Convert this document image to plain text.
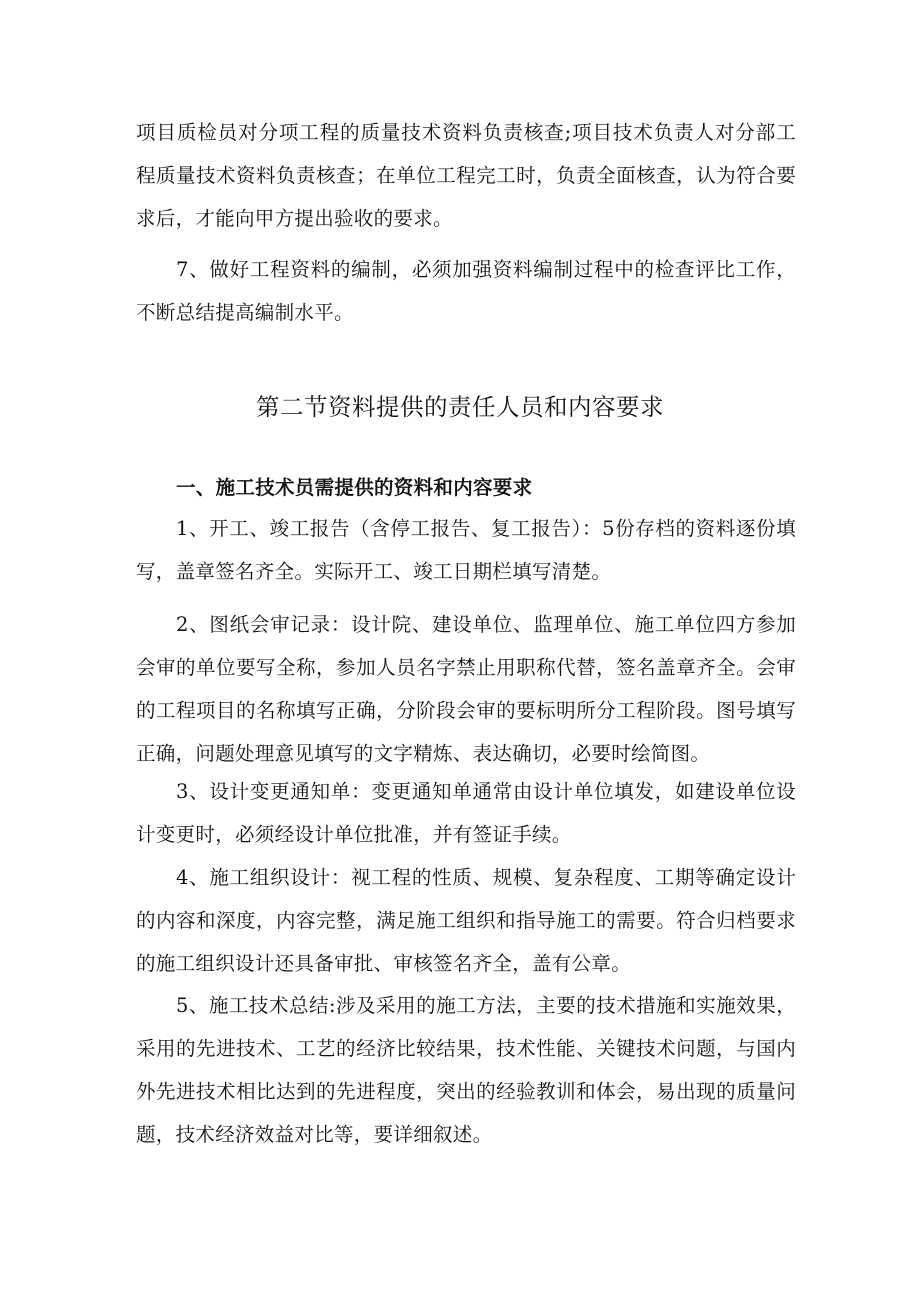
项目质检员对分项工程的质量技术资料负责核查;项目技术负责人对分部工程质量技术资料负责核查；在单位工程完工时，负责全面核查，认为符合要求后，才能向甲方提出验收的要求。

7、做好工程资料的编制，必须加强资料编制过程中的检查评比工作，不断总结提高编制水平。

第二节资料提供的责任人员和内容要求
一、施工技术员需提供的资料和内容要求

1、开工、竣工报告（含停工报告、复工报告）：5份存档的资料逐份填写，盖章签名齐全。实际开工、竣工日期栏填写清楚。

2、图纸会审记录：设计院、建设单位、监理单位、施工单位四方参加会审的单位要写全称，参加人员名字禁止用职称代替，签名盖章齐全。会审的工程项目的名称填写正确，分阶段会审的要标明所分工程阶段。图号填写正确，问题处理意见填写的文字精炼、表达确切，必要时绘简图。

3、设计变更通知单：变更通知单通常由设计单位填发，如建设单位设计变更时，必须经设计单位批准，并有签证手续。

4、施工组织设计：视工程的性质、规模、复杂程度、工期等确定设计的内容和深度，内容完整，满足施工组织和指导施工的需要。符合归档要求的施工组织设计还具备审批、审核签名齐全，盖有公章。

5、施工技术总结:涉及采用的施工方法，主要的技术措施和实施效果，采用的先进技术、工艺的经济比较结果，技术性能、关键技术问题，与国内外先进技术相比达到的先进程度，突出的经验教训和体会，易出现的质量问题，技术经济效益对比等，要详细叙述。
